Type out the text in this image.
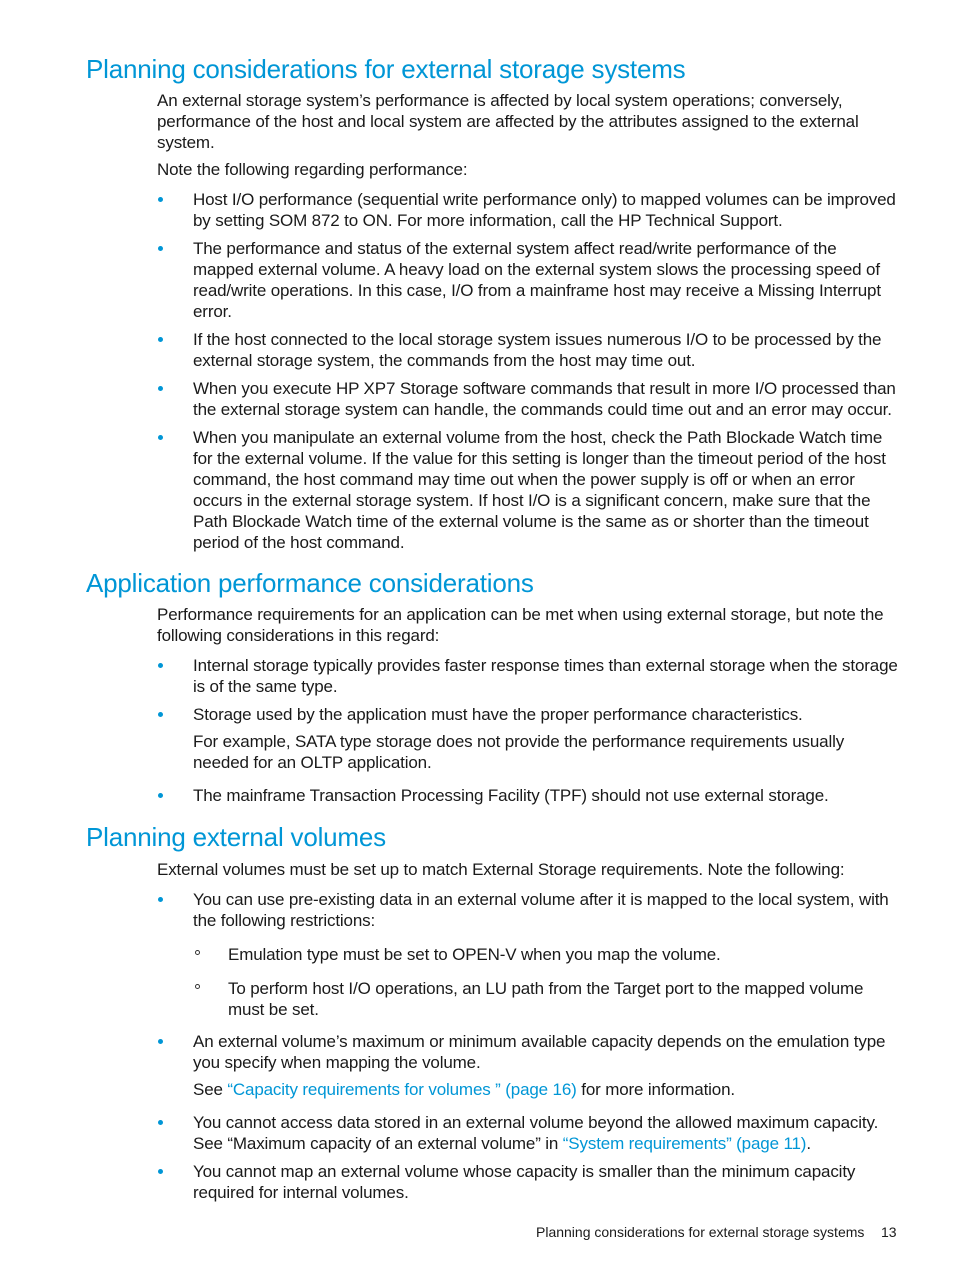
Planning considerations for external storage systems

An external storage system’s performance is affected by local system operations; conversely, performance of the host and local system are affected by the attributes assigned to the external system.

Note the following regarding performance:

Host I/O performance (sequential write performance only) to mapped volumes can be improved by setting SOM 872 to ON. For more information, call the HP Technical Support.
The performance and status of the external system affect read/write performance of the mapped external volume. A heavy load on the external system slows the processing speed of read/write operations. In this case, I/O from a mainframe host may receive a Missing Interrupt error.
If the host connected to the local storage system issues numerous I/O to be processed by the external storage system, the commands from the host may time out.
When you execute HP XP7 Storage software commands that result in more I/O processed than the external storage system can handle, the commands could time out and an error may occur.
When you manipulate an external volume from the host, check the Path Blockade Watch time for the external volume. If the value for this setting is longer than the timeout period of the host command, the host command may time out when the power supply is off or when an error occurs in the external storage system. If host I/O is a significant concern, make sure that the Path Blockade Watch time of the external volume is the same as or shorter than the timeout period of the host command.
Application performance considerations

Performance requirements for an application can be met when using external storage, but note the following considerations in this regard:

Internal storage typically provides faster response times than external storage when the storage is of the same type.
Storage used by the application must have the proper performance characteristics.

For example, SATA type storage does not provide the performance requirements usually needed for an OLTP application.

The mainframe Transaction Processing Facility (TPF) should not use external storage.
Planning external volumes

External volumes must be set up to match External Storage requirements. Note the following:

You can use pre-existing data in an external volume after it is mapped to the local system, with the following restrictions:
Emulation type must be set to OPEN-V when you map the volume.
To perform host I/O operations, an LU path from the Target port to the mapped volume must be set.
An external volume’s maximum or minimum available capacity depends on the emulation type you specify when mapping the volume.

See “Capacity requirements for volumes ” (page 16) for more information.

You cannot access data stored in an external volume beyond the allowed maximum capacity. See “Maximum capacity of an external volume” in “System requirements” (page 11).
You cannot map an external volume whose capacity is smaller than the minimum capacity required for internal volumes.
Planning considerations for external storage systems 13
